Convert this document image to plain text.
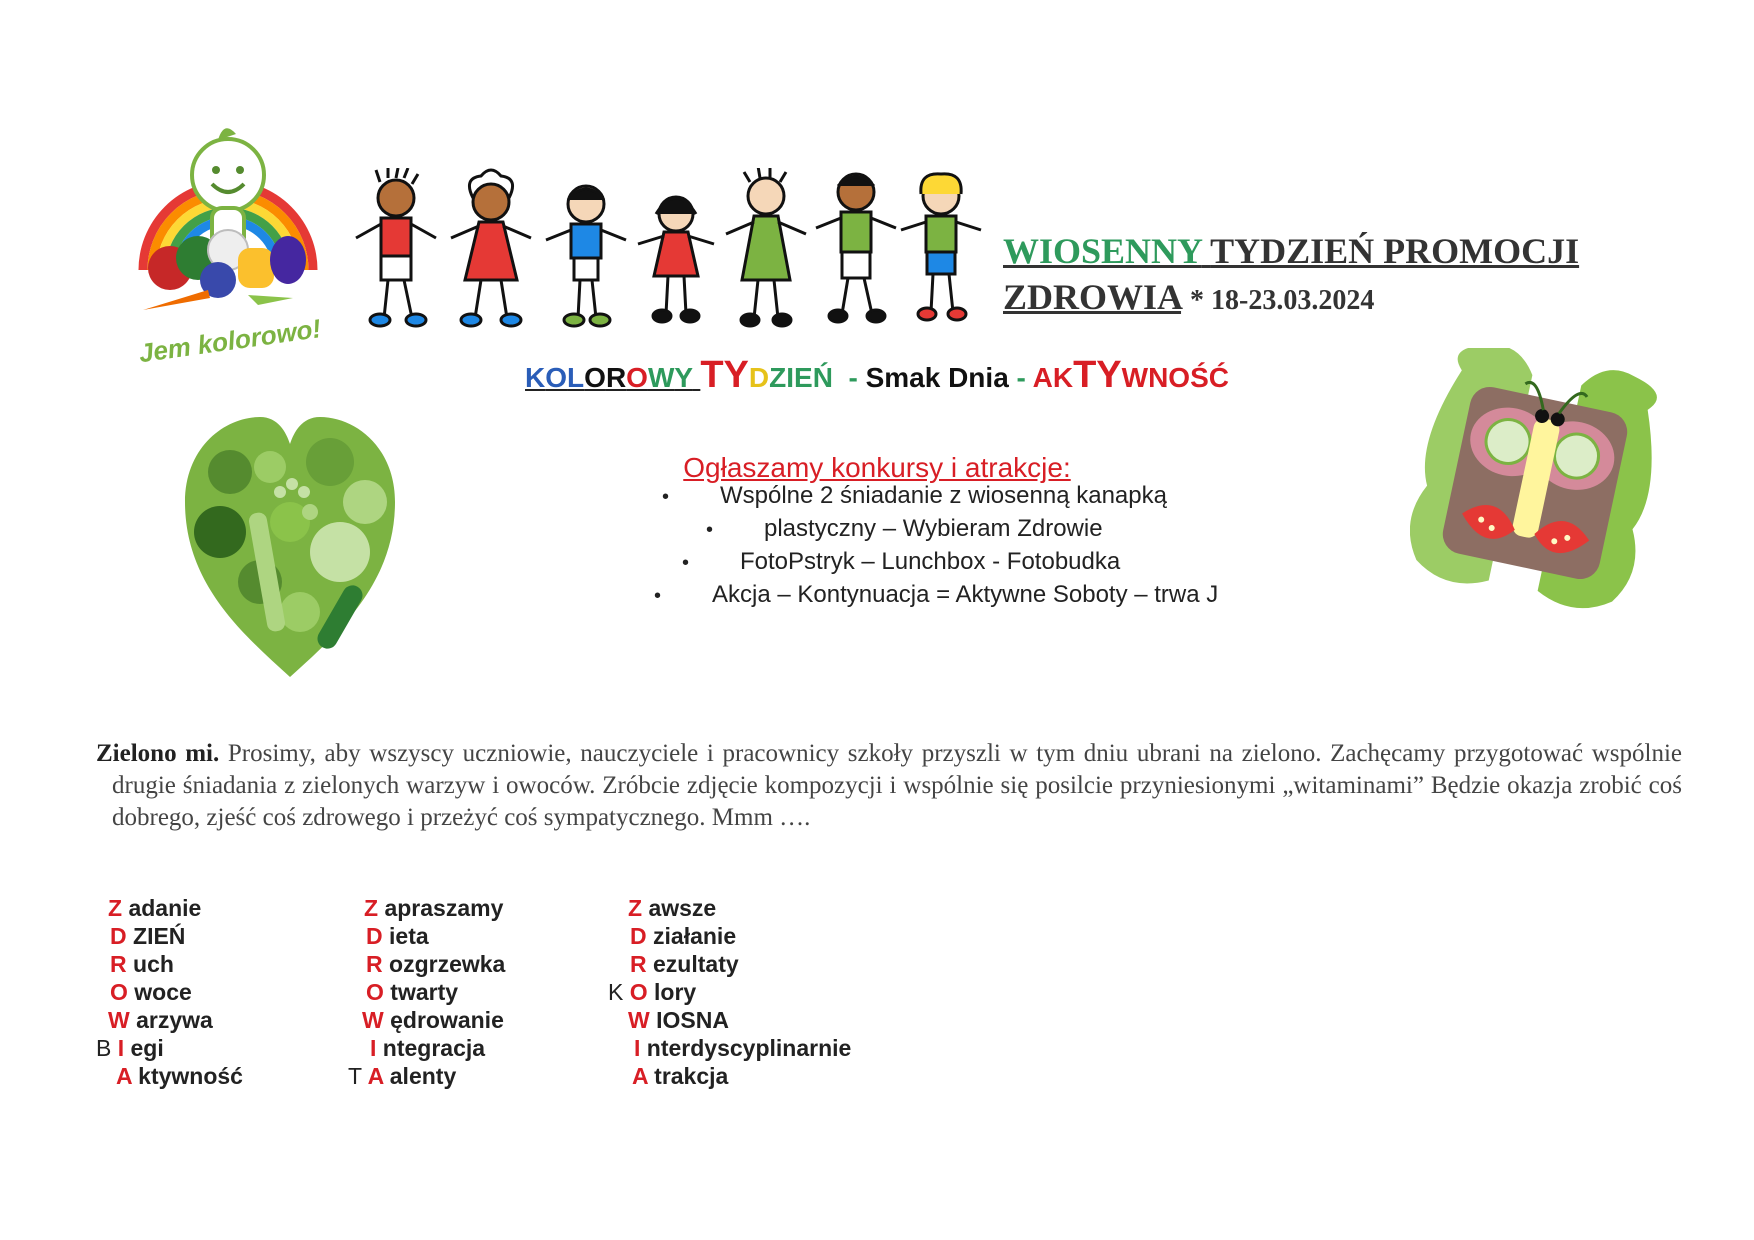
Jem kolorowo!
WIOSENNY TYDZIEŃ PROMOCJI
ZDROWIA * 18-23.03.2024
KOLOROWY TYDZIEŃ - Smak Dnia - AKTYWNOŚĆ
Ogłaszamy konkursy i atrakcje:
• Wspólne 2 śniadanie z wiosenną kanapką
• plastyczny – Wybieram Zdrowie
• FotoPstryk – Lunchbox - Fotobudka
• Akcja – Kontynuacja = Aktywne Soboty – trwa J
Zielono mi. Prosimy, aby wszyscy uczniowie, nauczyciele i pracownicy szkoły przyszli w tym dniu ubrani na zielono. Zachęcamy przygotować wspólnie drugie śniadania z zielonych warzyw i owoców. Zróbcie zdjęcie kompozycji i wspólnie się posilcie przyniesionymi „witaminami” Będzie okazja zrobić coś dobrego, zjeść coś zdrowego i przeżyć coś sympatycznego. Mmm ….
Z adanie
D ZIEŃ
R uch
O woce
W arzywa
B I egi
A ktywność
Z apraszamy
D ieta
R ozgrzewka
O twarty
W ędrowanie
I ntegracja
T A alenty
Z awsze
D ziałanie
R ezultaty
K O lory
W IOSNA
I nterdyscyplinarnie
A trakcja
